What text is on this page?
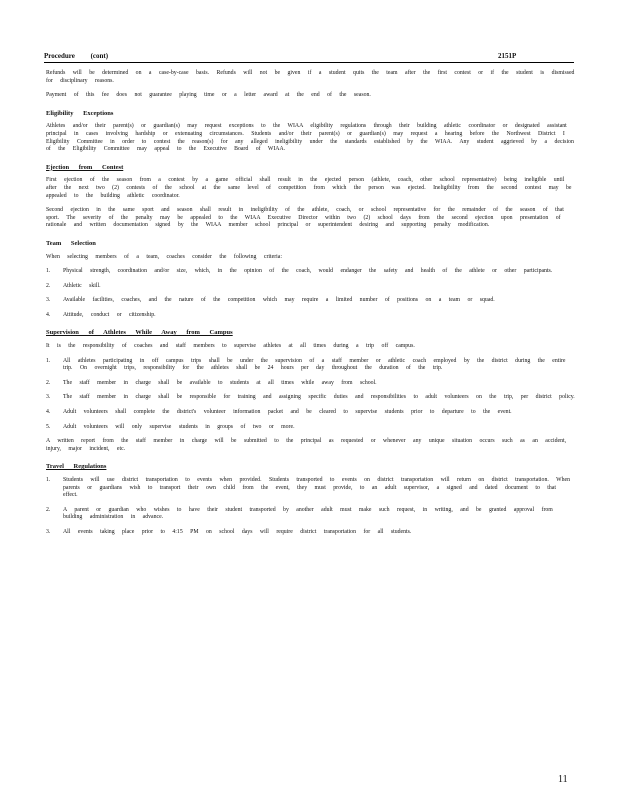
Procedure (cont)	2151P

Refunds will be determined on a case-by-case basis. Refunds will not be given if a student quits the team after the first contest or if the student is dismissed for disciplinary reasons.

Payment of this fee does not guarantee playing time or a letter award at the end of the season.

Eligibility Exceptions

Athletes and/or their parent(s) or guardian(s) may request exceptions to the WIAA eligibility regulations through their building athletic coordinator or designated assistant principal in cases involving hardship or extenuating circumstances. Students and/or their parent(s) or guardian(s) may request a hearing before the Northwest District I Eligibility Committee in order to contest the reason(s) for any alleged ineligibility under the standards established by the WIAA. Any student aggrieved by a decision of the Eligibility Committee may appeal to the Executive Board of WIAA.

Ejection from Contest

First ejection of the season from a contest by a game official shall result in the ejected person (athlete, coach, other school representative) being ineligible until after the next two (2) contests of the school at the same level of competition from which the person was ejected. Ineligibility from the second contest may be appealed to the building athletic coordinator.

Second ejection in the same sport and season shall result in ineligibility of the athlete, coach, or school representative for the remainder of the season of that sport. The severity of the penalty may be appealed to the WIAA Executive Director within two (2) school days from the second ejection upon presentation of rationale and written documentation signed by the WIAA member school principal or superintendent desiring and supporting penalty modification.

Team Selection

When selecting members of a team, coaches consider the following criteria:

1. Physical strength, coordination and/or size, which, in the opinion of the coach, would endanger the safety and health of the athlete or other participants.
2. Athletic skill.
3. Available facilities, coaches, and the nature of the competition which may require a limited number of positions on a team or squad.
4. Attitude, conduct or citizenship.
Supervision of Athletes While Away from Campus

It is the responsibility of coaches and staff members to supervise athletes at all times during a trip off campus.

1. All athletes participating in off campus trips shall be under the supervision of a staff member or athletic coach employed by the district during the entire trip. On overnight trips, responsibility for the athletes shall be 24 hours per day throughout the duration of the trip.
2. The staff member in charge shall be available to students at all times while away from school.
3. The staff member in charge shall be responsible for training and assigning specific duties and responsibilities to adult volunteers on the trip, per district policy.
4. Adult volunteers shall complete the district's volunteer information packet and be cleared to supervise students prior to departure to the event.
5. Adult volunteers will only supervise students in groups of two or more.

A written report from the staff member in charge will be submitted to the principal as requested or whenever any unique situation occurs such as an accident, injury, major incident, etc.

Travel Regulations
1. Students will use district transportation to events when provided. Students transported to events on district transportation will return on district transportation. When parents or guardians wish to transport their own child from the event, they must provide, to an adult supervisor, a signed and dated document to that effect.
2. A parent or guardian who wishes to have their student transported by another adult must make such request, in writing, and be granted approval from building administration in advance.
3. All events taking place prior to 4:15 PM on school days will require district transportation for all students.
11
